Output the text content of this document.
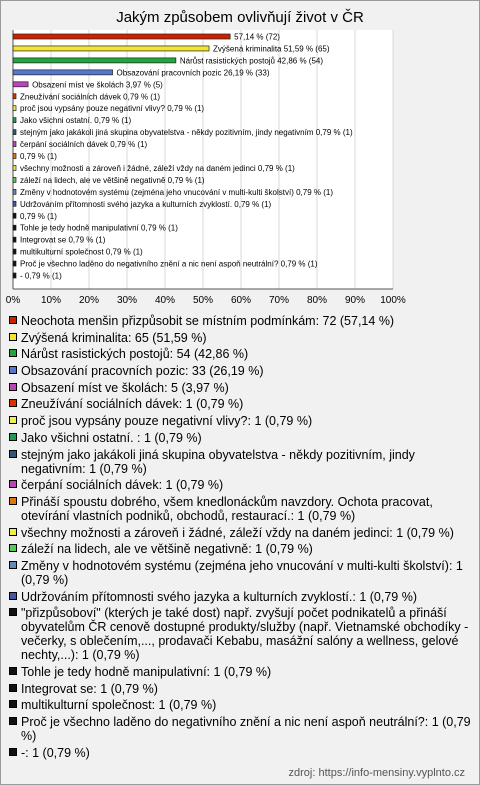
Jakým způsobem ovlivňují život v ČR
0% 10% 20% 30% 40% 50% 60% 70% 80% 90% 100%
57,14 % (72)
Zvýšená kriminalita 51,59 % (65)
Nárůst rasistických postojů 42,86 % (54)
Obsazování pracovních pozic 26,19 % (33)
Obsazení míst ve školách 3,97 % (5)
Zneužívání sociálních dávek 0,79 % (1)
proč jsou vypsány pouze negativní vlivy? 0,79 % (1)
Jako všichni ostatní. 0,79 % (1)
stejným jako jakákoli jiná skupina obyvatelstva - někdy pozitivním, jindy negativním 0,79 % (1)
čerpání sociálních dávek 0,79 % (1)
0,79 % (1)
všechny možnosti a zároveň i žádné, záleží vždy na daném jedinci 0,79 % (1)
záleží na lidech, ale ve většině negativně 0,79 % (1)
Změny v hodnotovém systému (zejména jeho vnucování v multi-kulti školství) 0,79 % (1)
Udržováním přítomnosti svého jazyka a kulturních zvyklostí. 0,79 % (1)
0,79 % (1)
Tohle je tedy hodně manipulativní 0,79 % (1)
Integrovat se 0,79 % (1)
multikulturní společnost 0,79 % (1)
Proč je všechno laděno do negativního znění a nic není aspoň neutrální? 0,79 % (1)
- 0,79 % (1)
Neochota menšin přizpůsobit se místním podmínkám: 72 (57,14 %)
Zvýšená kriminalita: 65 (51,59 %)
Nárůst rasistických postojů: 54 (42,86 %)
Obsazování pracovních pozic: 33 (26,19 %)
Obsazení míst ve školách: 5 (3,97 %)
Zneužívání sociálních dávek: 1 (0,79 %)
proč jsou vypsány pouze negativní vlivy?: 1 (0,79 %)
Jako všichni ostatní. : 1 (0,79 %)
stejným jako jakákoli jiná skupina obyvatelstva - někdy pozitivním, jindy negativním: 1 (0,79 %)
čerpání sociálních dávek: 1 (0,79 %)
Přináší spoustu dobrého, všem knedlonáckům navzdory. Ochota pracovat, otevírání vlastních podniků, obchodů, restaurací.: 1 (0,79 %)
všechny možnosti a zároveň i žádné, záleží vždy na daném jedinci: 1 (0,79 %)
záleží na lidech, ale ve většině negativně: 1 (0,79 %)
Změny v hodnotovém systému (zejména jeho vnucování v multi-kulti školství): 1 (0,79 %)
Udržováním přítomnosti svého jazyka a kulturních zvyklostí.: 1 (0,79 %)
"přizpůsoboví" (kterých je také dost) např. zvyšují počet podnikatelů a přináší obyvatelům ČR cenově dostupné produkty/služby (např. Vietnamské obchodíky - večerky, s oblečením,..., prodavači Kebabu, masážní salóny a wellness, gelové nechty,...): 1 (0,79 %)
Tohle je tedy hodně manipulativní: 1 (0,79 %)
Integrovat se: 1 (0,79 %)
multikulturní společnost: 1 (0,79 %)
Proč je všechno laděno do negativního znění a nic není aspoň neutrální?: 1 (0,79 %)
-: 1 (0,79 %)
zdroj: https://info-mensiny.vyplnto.cz
